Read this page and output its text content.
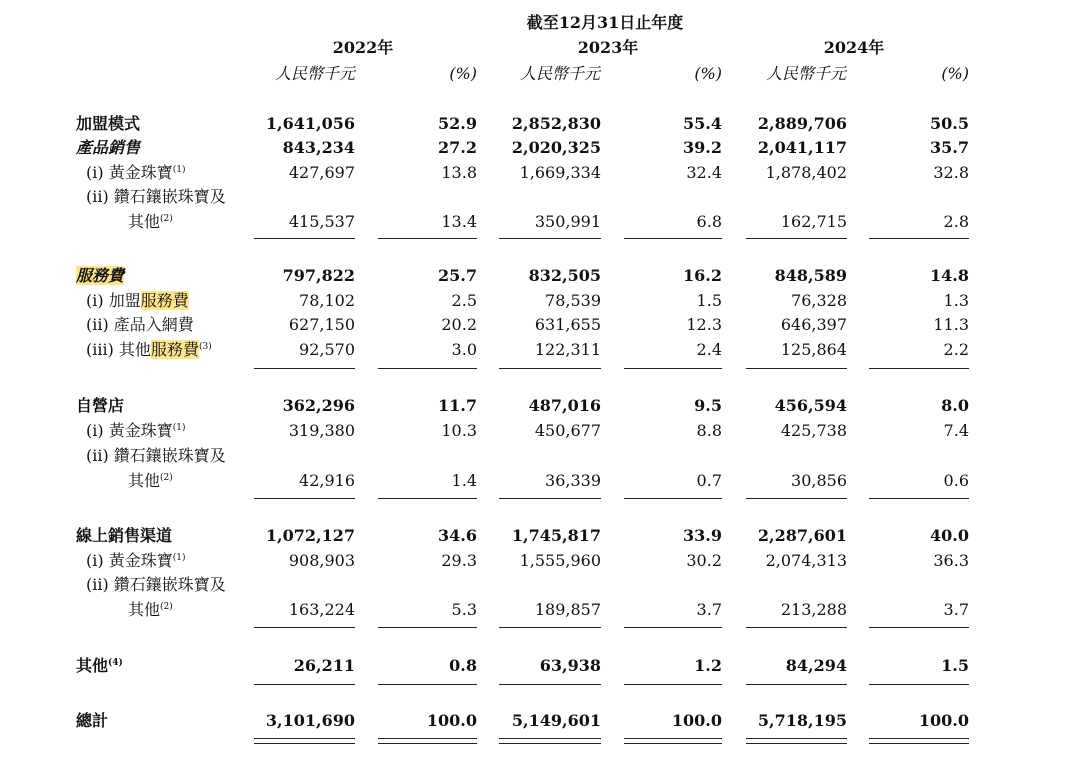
截至12月31日止年度
2022年	2023年	2024年
人民幣千元	(%)	人民幣千元	(%)	人民幣千元	(%)
加盟模式	1,641,056	52.9	2,852,830	55.4	2,889,706	50.5
產品銷售	843,234	27.2	2,020,325	39.2	2,041,117	35.7
(i) 黃金珠寶$^{(1)}$	427,697	13.8	1,669,334	32.4	1,878,402	32.8
(ii) 鑽石鑲嵌珠寶及
其他$^{(2)}$	415,537	13.4	350,991	6.8	162,715	2.8
服務費	797,822	25.7	832,505	16.2	848,589	14.8
(i) 加盟服務費	78,102	2.5	78,539	1.5	76,328	1.3
(ii) 產品入網費	627,150	20.2	631,655	12.3	646,397	11.3
(iii) 其他服務費$^{(3)}$	92,570	3.0	122,311	2.4	125,864	2.2
自營店	362,296	11.7	487,016	9.5	456,594	8.0
(i) 黃金珠寶$^{(1)}$	319,380	10.3	450,677	8.8	425,738	7.4
(ii) 鑽石鑲嵌珠寶及
其他$^{(2)}$	42,916	1.4	36,339	0.7	30,856	0.6
線上銷售渠道	1,072,127	34.6	1,745,817	33.9	2,287,601	40.0
(i) 黃金珠寶$^{(1)}$	908,903	29.3	1,555,960	30.2	2,074,313	36.3
(ii) 鑽石鑲嵌珠寶及
其他$^{(2)}$	163,224	5.3	189,857	3.7	213,288	3.7
其他$^{(4)}$	26,211	0.8	63,938	1.2	84,294	1.5
總計	3,101,690	100.0	5,149,601	100.0	5,718,195	100.0
